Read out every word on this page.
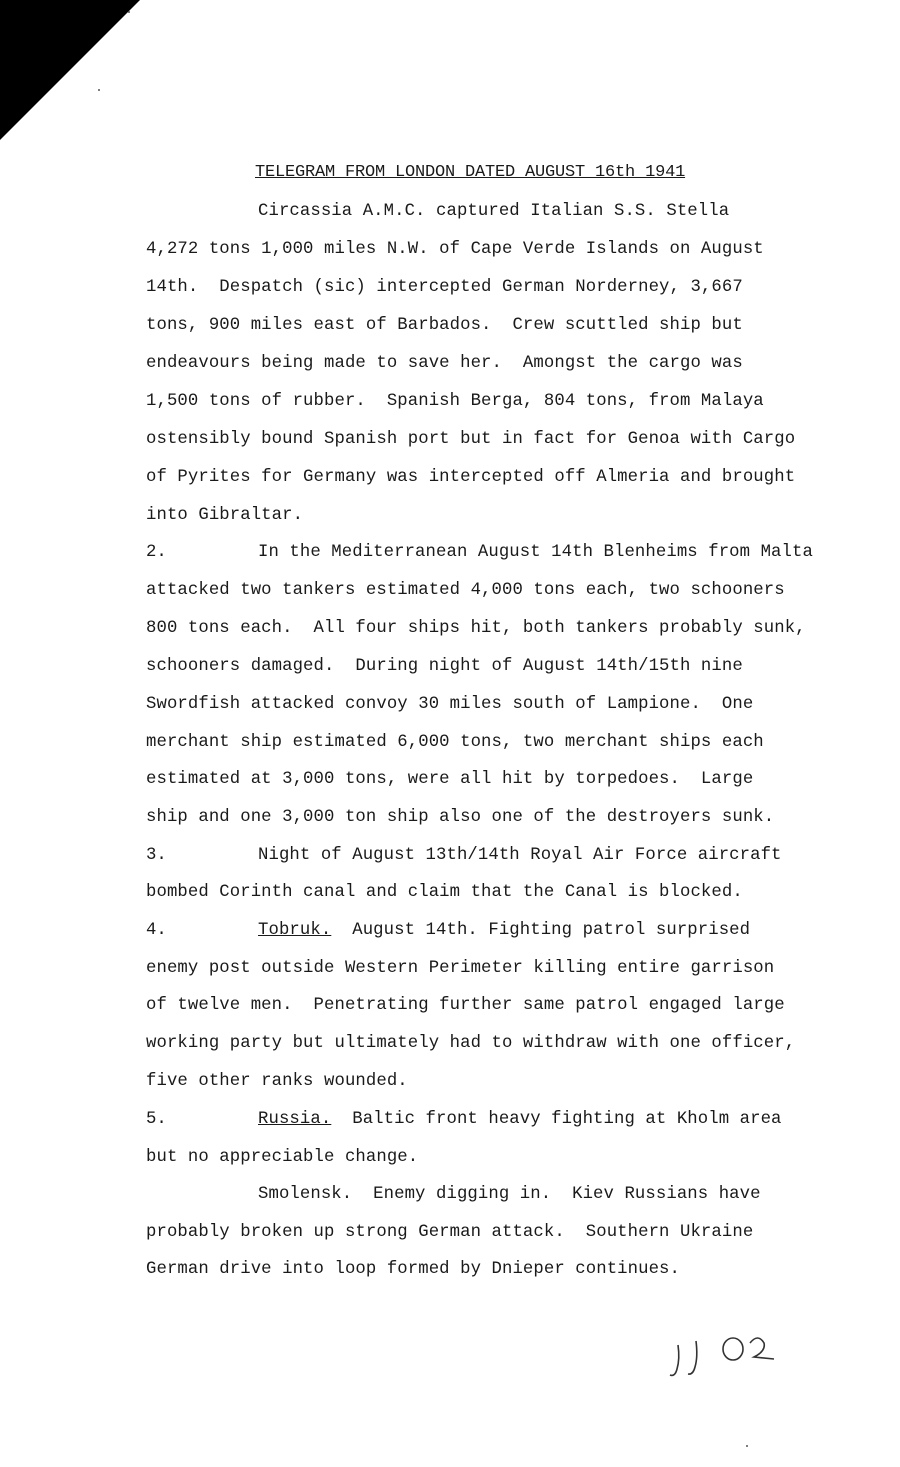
TELEGRAM FROM LONDON DATED AUGUST 16th 1941
Circassia A.M.C. captured Italian S.S. Stella
4,272 tons 1,000 miles N.W. of Cape Verde Islands on August
14th.  Despatch (sic) intercepted German Norderney, 3,667
tons, 900 miles east of Barbados.  Crew scuttled ship but
endeavours being made to save her.  Amongst the cargo was
1,500 tons of rubber.  Spanish Berga, 804 tons, from Malaya
ostensibly bound Spanish port but in fact for Genoa with Cargo
of Pyrites for Germany was intercepted off Almeria and brought
into Gibraltar.
2.	In the Mediterranean August 14th Blenheims from Malta
attacked two tankers estimated 4,000 tons each, two schooners
800 tons each.  All four ships hit, both tankers probably sunk,
schooners damaged.  During night of August 14th/15th nine
Swordfish attacked convoy 30 miles south of Lampione.  One
merchant ship estimated 6,000 tons, two merchant ships each
estimated at 3,000 tons, were all hit by torpedoes.  Large
ship and one 3,000 ton ship also one of the destroyers sunk.
3.	Night of August 13th/14th Royal Air Force aircraft
bombed Corinth canal and claim that the Canal is blocked.
4.	Tobruk.  August 14th. Fighting patrol surprised
enemy post outside Western Perimeter killing entire garrison
of twelve men.  Penetrating further same patrol engaged large
working party but ultimately had to withdraw with one officer,
five other ranks wounded.
5.	Russia.  Baltic front heavy fighting at Kholm area
but no appreciable change.
Smolensk.  Enemy digging in.  Kiev Russians have
probably broken up strong German attack.  Southern Ukraine
German drive into loop formed by Dnieper continues.
